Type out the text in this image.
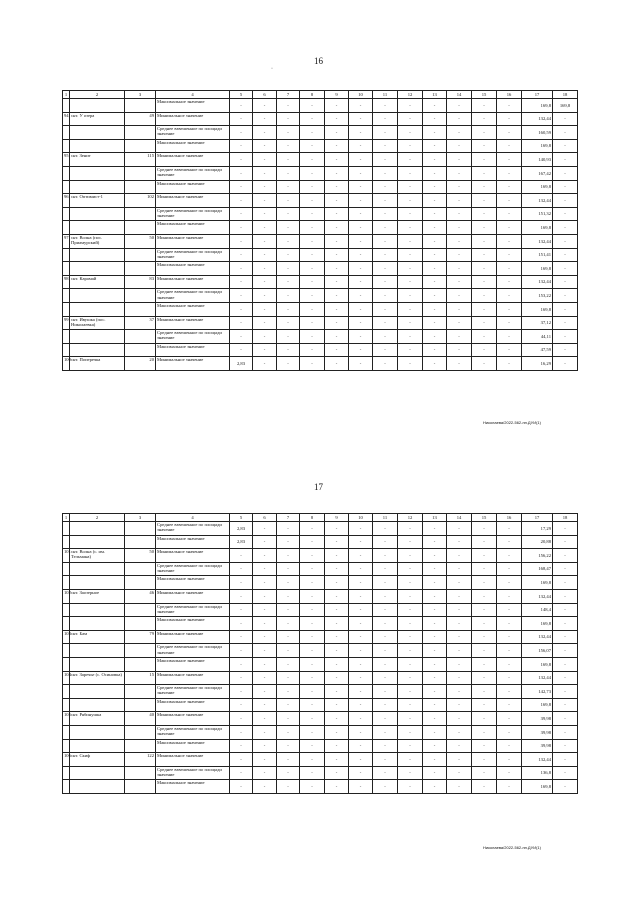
16
·
1	2	3	4	5	6	7	8	9	10	11	12	13	14	15	16	17	18
			Максимальное значение	-	-	-	-	-	-	-	-	-	-	-	-	169,8	169,8
94	снт. У озера	49	Минимальное значение	-	-	-	-	-	-	-	-	-	-	-	-	132,44	-
			Среднее взвешенное по площади значение	-	-	-	-	-	-	-	-	-	-	-	-	160,59	-
			Максимальное значение	-	-	-	-	-	-	-	-	-	-	-	-	169,8	-
95	снт. Зенит	115	Минимальное значение	-	-	-	-	-	-	-	-	-	-	-	-	140,93	-
			Среднее взвешенное по площади значение	-	-	-	-	-	-	-	-	-	-	-	-	167,42	-
			Максимальное значение	-	-	-	-	-	-	-	-	-	-	-	-	169,8	-
96	снт. Оптимист-1	102	Минимальное значение	-	-	-	-	-	-	-	-	-	-	-	-	132,44	-
			Среднее взвешенное по площади значение	-	-	-	-	-	-	-	-	-	-	-	-	151,32	-
			Максимальное значение	-	-	-	-	-	-	-	-	-	-	-	-	169,8	-
97	снт. Волна (пос. Приамурский)	50	Минимальное значение	-	-	-	-	-	-	-	-	-	-	-	-	132,44	-
			Среднее взвешенное по площади значение	-	-	-	-	-	-	-	-	-	-	-	-	151,41	-
			Максимальное значение	-	-	-	-	-	-	-	-	-	-	-	-	169,8	-
98	снт. Карамай	83	Минимальное значение	-	-	-	-	-	-	-	-	-	-	-	-	132,44	-
			Среднее взвешенное по площади значение	-	-	-	-	-	-	-	-	-	-	-	-	153,22	-
			Максимальное значение	-	-	-	-	-	-	-	-	-	-	-	-	169,8	-
99	снт. Ивушка (пос. Николаевка)	37	Минимальное значение	-	-	-	-	-	-	-	-	-	-	-	-	37,12	-
			Среднее взвешенное по площади значение	-	-	-	-	-	-	-	-	-	-	-	-	44,11	-
			Максимальное значение	-	-	-	-	-	-	-	-	-	-	-	-	47,59	-
100	снт. Поперечка	20	Минимальное значение	2,83	-	-	-	-	-	-	-	-	-	-	-	16,29	-
Николаева/2022-562-пп.ДУИ(1)
17
1	2	3	4	5	6	7	8	9	10	11	12	13	14	15	16	17	18
			Среднее взвешенное по площади значение	2,83	-	-	-	-	-	-	-	-	-	-	-	17,29	-
			Максимальное значение	2,83	-	-	-	-	-	-	-	-	-	-	-	20,88	-
101	снт. Волна (с. им. Тельмана)	50	Минимальное значение	-	-	-	-	-	-	-	-	-	-	-	-	156,22	-
			Среднее взвешенное по площади значение	-	-	-	-	-	-	-	-	-	-	-	-	168,47	-
			Максимальное значение	-	-	-	-	-	-	-	-	-	-	-	-	169,8	-
102	снт. Заозерное	46	Минимальное значение	-	-	-	-	-	-	-	-	-	-	-	-	132,44	-
			Среднее взвешенное по площади значение	-	-	-	-	-	-	-	-	-	-	-	-	148,4	-
			Максимальное значение	-	-	-	-	-	-	-	-	-	-	-	-	169,8	-
103	снт. Бам	79	Минимальное значение	-	-	-	-	-	-	-	-	-	-	-	-	132,44	-
			Среднее взвешенное по площади значение	-	-	-	-	-	-	-	-	-	-	-	-	156,07	-
			Максимальное значение	-	-	-	-	-	-	-	-	-	-	-	-	169,8	-
104	снт. Заречье (с. Осиновка)	15	Минимальное значение	-	-	-	-	-	-	-	-	-	-	-	-	132,44	-
			Среднее взвешенное по площади значение	-	-	-	-	-	-	-	-	-	-	-	-	142,73	-
			Максимальное значение	-	-	-	-	-	-	-	-	-	-	-	-	169,8	-
105	снт. Рябинушка	40	Минимальное значение	-	-	-	-	-	-	-	-	-	-	-	-	39,98	-
			Среднее взвешенное по площади значение	-	-	-	-	-	-	-	-	-	-	-	-	39,98	-
			Максимальное значение	-	-	-	-	-	-	-	-	-	-	-	-	39,98	-
106	снт. Скиф	122	Минимальное значение	-	-	-	-	-	-	-	-	-	-	-	-	132,44	-
			Среднее взвешенное по площади значение	-	-	-	-	-	-	-	-	-	-	-	-	136,8	-
			Максимальное значение	-	-	-	-	-	-	-	-	-	-	-	-	169,8	-
Николаева/2022-562-пп.ДУИ(1)
